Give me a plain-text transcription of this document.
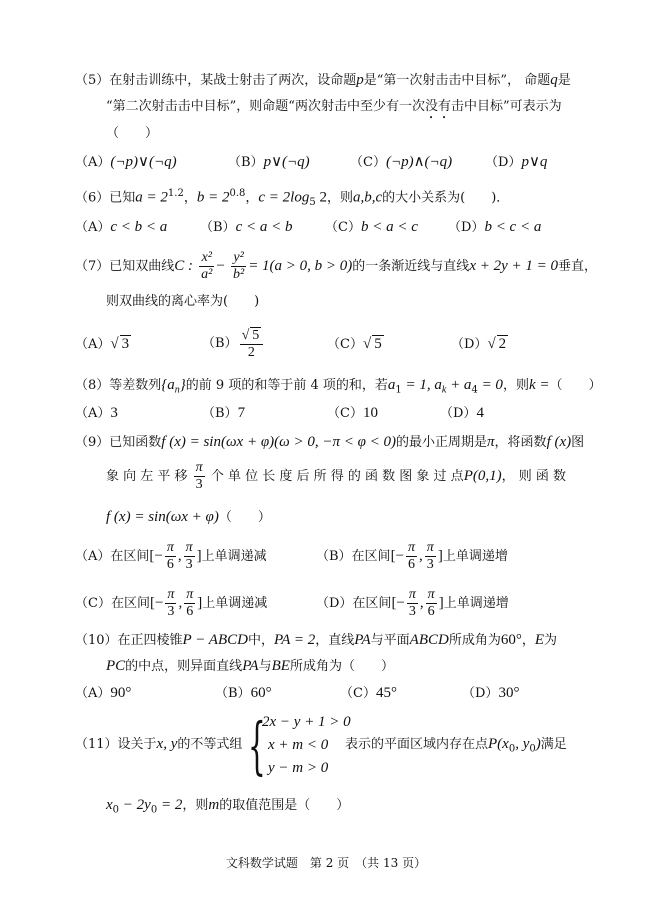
（5）在射击训练中，某战士射击了两次，设命题p是“第一次射击击中目标”， 命题q是
“第二次射击击中目标”，则命题“两次射击中至少有一次没有击中目标”可表示为
（　　）
（A）(¬p)∨(¬q)	（B）p∨(¬q)	（C）(¬p)∧(¬q)	（D）p∨q
（6）已知$a = 2^{1.2}$，$b = 2^{0.8}$，$c = 2\log_5$ 2，则a,b,c的大小关系为(　　)．
（A）c < b < a	（B）c < a < b	（C）b < a < c （D）b < c < a
（7）已知双曲线C : $\frac{\text{x²}}{\text{a²}} - \frac{\text{y²}}{\text{b²}} = 1(a > 0$, b > 0)的一条渐近线与直线x + 2y + 1 = 0垂直，
则双曲线的离心率为(　　)
（A）√ 3	$(B) \frac{√ 5}{2}$	（C）√ 5	（D）√ 2
（8）等差数列$\{a_n\}$的前 9 项的和等于前 4 项的和，若$a_1 = 1$, $a_k + a_4 = 0$，则k =（　　）
（A）3	（B）7	（C）10	（D）4
（9）已知函数f (x) = sin(ωx + φ)(ω > 0, −π < φ < 0)的最小正周期是π，将函数f (x)图
象 向 左 平 移 $\frac{\pi}{3}$ 个 单 位 长 度 后 所 得 的 函 数 图 象 过 点P(0,1)， 则 函 数
f (x) = sin(ωx + φ)（　　）
（A）在区间[− $\frac{\pi}{6}$ , $\frac{\pi}{3}$ ]上单调递减	（B）在区间[− $\frac{\pi}{6}$ , $\frac{\pi}{3}$ ]上单调递增
（C）在区间[− $\frac{\pi}{3}$ , $\frac{\pi}{6}$ ]上单调递减	（D）在区间[− $\frac{\pi}{3}$ , $\frac{\pi}{6}$ ]上单调递增
（10）在正四棱锥P − ABCD中，PA = 2，直线PA与平面ABCD所成角为60°，E为
PC的中点，则异面直线PA与BE所成角为（　　）
（A）90°	（B）60°	（C）45°	（D）30°
（11）设关于x, y的不等式组 {
2x − y + 1 > 0
x + m < 0
y − m > 0
表示的平面区域内存在点$P(x_0$, $y_0$)满足
$x_0 - 2y_0 = 2$，则m的取值范围是（　　）
文科数学试题　第 2 页　（共 13 页）
